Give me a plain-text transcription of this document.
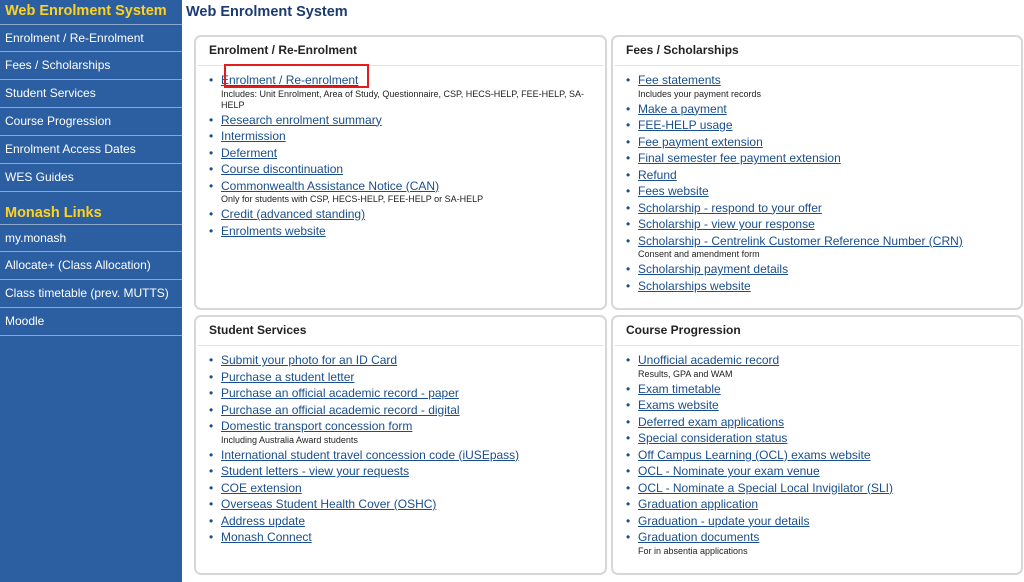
Web Enrolment System
Enrolment / Re-Enrolment
Fees / Scholarships
Student Services
Course Progression
Enrolment Access Dates
WES Guides
Monash Links
my.monash
Allocate+ (Class Allocation)
Class timetable (prev. MUTTS)
Moodle
Web Enrolment System
Enrolment / Re-Enrolment
• Enrolment / Re-enrolment
Includes: Unit Enrolment, Area of Study, Questionnaire, CSP, HECS-HELP, FEE-HELP, SA-HELP
• Research enrolment summary
• Intermission
• Deferment
• Course discontinuation
• Commonwealth Assistance Notice (CAN)
Only for students with CSP, HECS-HELP, FEE-HELP or SA-HELP
• Credit (advanced standing)
• Enrolments website
Fees / Scholarships
• Fee statements
Includes your payment records
• Make a payment
• FEE-HELP usage
• Fee payment extension
• Final semester fee payment extension
• Refund
• Fees website
• Scholarship - respond to your offer
• Scholarship - view your response
• Scholarship - Centrelink Customer Reference Number (CRN)
Consent and amendment form
• Scholarship payment details
• Scholarships website
Student Services
• Submit your photo for an ID Card
• Purchase a student letter
• Purchase an official academic record - paper
• Purchase an official academic record - digital
• Domestic transport concession form
Including Australia Award students
• International student travel concession code (iUSEpass)
• Student letters - view your requests
• COE extension
• Overseas Student Health Cover (OSHC)
• Address update
• Monash Connect
Course Progression
• Unofficial academic record
Results, GPA and WAM
• Exam timetable
• Exams website
• Deferred exam applications
• Special consideration status
• Off Campus Learning (OCL) exams website
• OCL - Nominate your exam venue
• OCL - Nominate a Special Local Invigilator (SLI)
• Graduation application
• Graduation - update your details
• Graduation documents
For in absentia applications
